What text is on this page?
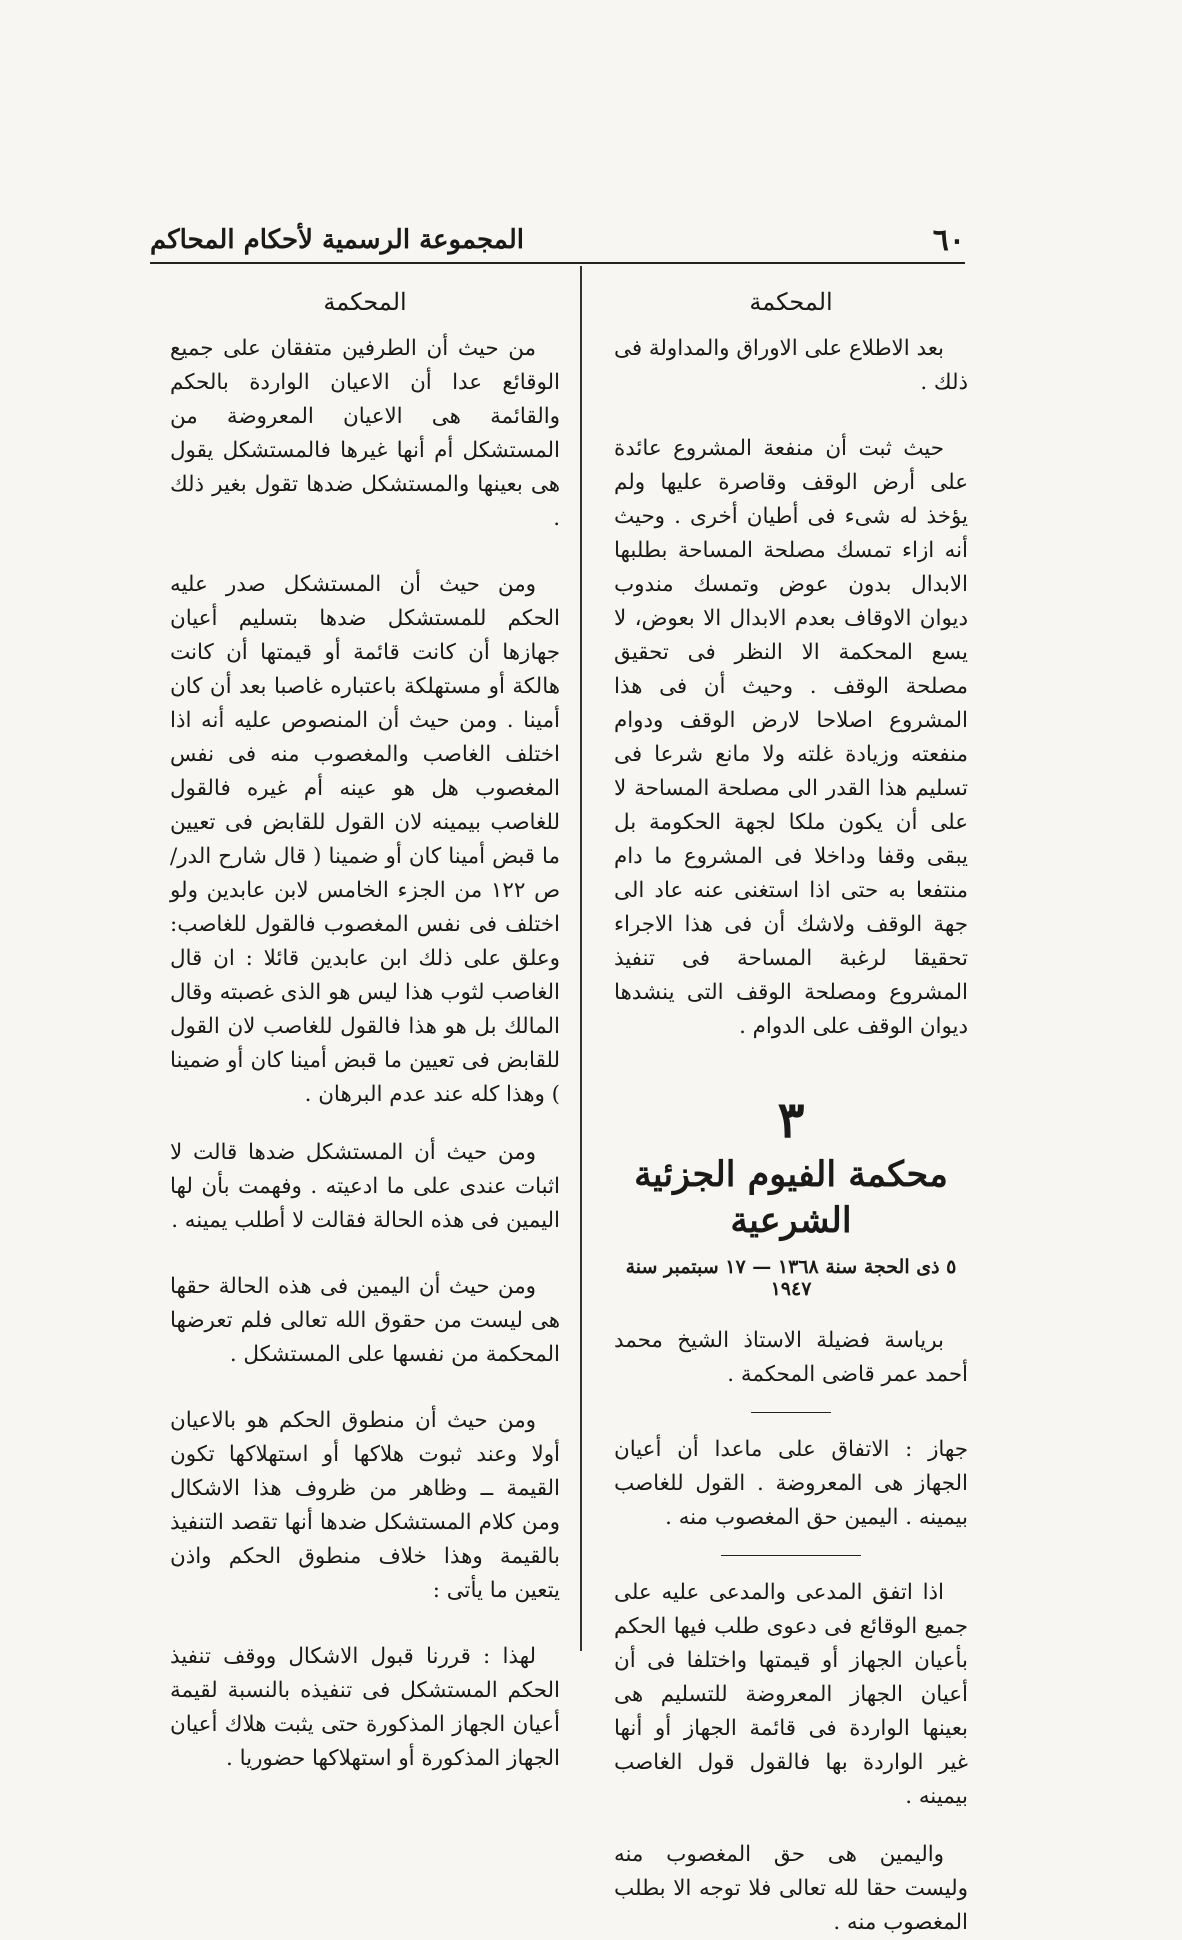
٦٠
المجموعة الرسمية لأحكام المحاكم
المحكمة

بعد الاطلاع على الاوراق والمداولة فى ذلك .

حيث ثبت أن منفعة المشروع عائدة على أرض الوقف وقاصرة عليها ولم يؤخذ له شىء فى أطيان أخرى . وحيث أنه ازاء تمسك مصلحة المساحة بطلبها الابدال بدون عوض وتمسك مندوب ديوان الاوقاف بعدم الابدال الا بعوض، لا يسع المحكمة الا النظر فى تحقيق مصلحة الوقف . وحيث أن فى هذا المشروع اصلاحا لارض الوقف ودوام منفعته وزيادة غلته ولا مانع شرعا فى تسليم هذا القدر الى مصلحة المساحة لا على أن يكون ملكا لجهة الحكومة بل يبقى وقفا وداخلا فى المشروع ما دام منتفعا به حتى اذا استغنى عنه عاد الى جهة الوقف ولاشك أن فى هذا الاجراء تحقيقا لرغبة المساحة فى تنفيذ المشروع ومصلحة الوقف التى ينشدها ديوان الوقف على الدوام .

٣
محكمة الفيوم الجزئية الشرعية
٥ ذى الحجة سنة ١٣٦٨ — ١٧ سبتمبر سنة ١٩٤٧

برياسة فضيلة الاستاذ الشيخ محمد أحمد عمر قاضى المحكمة .

جهاز : الاتفاق على ماعدا أن أعيان الجهاز هى المعروضة . القول للغاصب بيمينه . اليمين حق المغصوب منه .

اذا اتفق المدعى والمدعى عليه على جميع الوقائع فى دعوى طلب فيها الحكم بأعيان الجهاز أو قيمتها واختلفا فى أن أعيان الجهاز المعروضة للتسليم هى بعينها الواردة فى قائمة الجهاز أو أنها غير الواردة بها فالقول قول الغاصب بيمينه .

واليمين هى حق المغصوب منه وليست حقا لله تعالى فلا توجه الا بطلب المغصوب منه .

المحكمة

من حيث أن الطرفين متفقان على جميع الوقائع عدا أن الاعيان الواردة بالحكم والقائمة هى الاعيان المعروضة من المستشكل أم أنها غيرها فالمستشكل يقول هى بعينها والمستشكل ضدها تقول بغير ذلك .

ومن حيث أن المستشكل صدر عليه الحكم للمستشكل ضدها بتسليم أعيان جهازها أن كانت قائمة أو قيمتها أن كانت هالكة أو مستهلكة باعتباره غاصبا بعد أن كان أمينا . ومن حيث أن المنصوص عليه أنه اذا اختلف الغاصب والمغصوب منه فى نفس المغصوب هل هو عينه أم غيره فالقول للغاصب بيمينه لان القول للقابض فى تعيين ما قبض أمينا كان أو ضمينا ( قال شارح الدر/ص ١٢٢ من الجزء الخامس لابن عابدين ولو اختلف فى نفس المغصوب فالقول للغاصب: وعلق على ذلك ابن عابدين قائلا : ان قال الغاصب لثوب هذا ليس هو الذى غصبته وقال المالك بل هو هذا فالقول للغاصب لان القول للقابض فى تعيين ما قبض أمينا كان أو ضمينا ) وهذا كله عند عدم البرهان .

ومن حيث أن المستشكل ضدها قالت لا اثبات عندى على ما ادعيته . وفهمت بأن لها اليمين فى هذه الحالة فقالت لا أطلب يمينه .

ومن حيث أن اليمين فى هذه الحالة حقها هى ليست من حقوق الله تعالى فلم تعرضها المحكمة من نفسها على المستشكل .

ومن حيث أن منطوق الحكم هو بالاعيان أولا وعند ثبوت هلاكها أو استهلاكها تكون القيمة ــ وظاهر من ظروف هذا الاشكال ومن كلام المستشكل ضدها أنها تقصد التنفيذ بالقيمة وهذا خلاف منطوق الحكم واذن يتعين ما يأتى :

لهذا : قررنا قبول الاشكال ووقف تنفيذ الحكم المستشكل فى تنفيذه بالنسبة لقيمة أعيان الجهاز المذكورة حتى يثبت هلاك أعيان الجهاز المذكورة أو استهلاكها حضوريا .
